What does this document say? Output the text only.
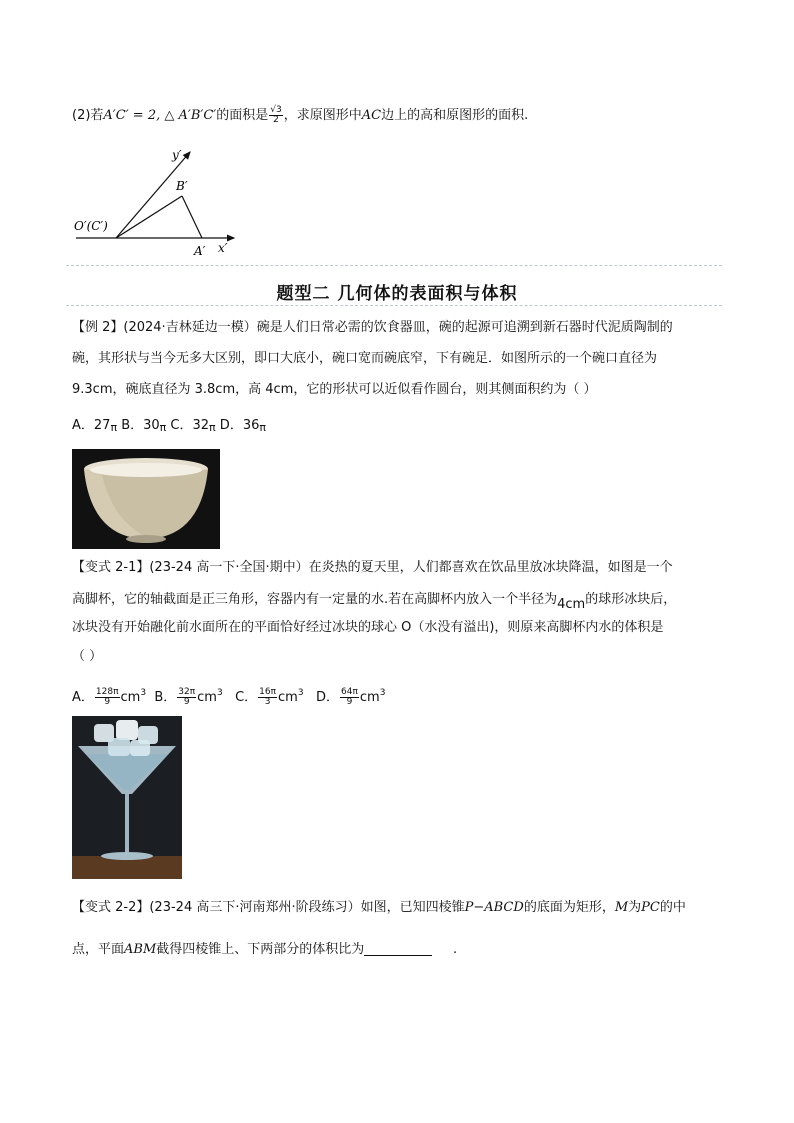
(2)若A′C′ = 2, △ A′B′C′的面积是 $\frac{√3}{2}$ ，求原图形中AC边上的高和原图形的面积.
y′
B′
O′(C′)
A′ x′
题型二 几何体的表面积与体积
【例 2】(2024·吉林延边一模）碗是人们日常必需的饮食器皿，碗的起源可追溯到新石器时代泥质陶制的
碗，其形状与当今无多大区别，即口大底小，碗口宽而碗底窄，下有碗足．如图所示的一个碗口直径为
9.3cm，碗底直径为 3.8cm，高 4cm，它的形状可以近似看作圆台，则其侧面积约为（ ）
A．27π B．30π C．32π D．36π
【变式 2-1】(23-24 高一下·全国·期中）在炎热的夏天里，人们都喜欢在饮品里放冰块降温，如图是一个
高脚杯，它的轴截面是正三角形，容器内有一定量的水.若在高脚杯内放入一个半径为4cm的球形冰块后，
冰块没有开始融化前水面所在的平面恰好经过冰块的球心 O（水没有溢出)，则原来高脚杯内水的体积是
（ ）
A． $\frac{128\pi}{9} cm^3$ B． $\frac{32\pi}{9} cm^3$ C． $\frac{16\pi}{3} cm^3$ D． $\frac{64\pi}{9} cm^3$
【变式 2-2】(23-24 高三下·河南郑州·阶段练习）如图，已知四棱锥P−ABCD的底面为矩形，M为PC的中
点，平面ABM截得四棱锥上、下两部分的体积比为	.
